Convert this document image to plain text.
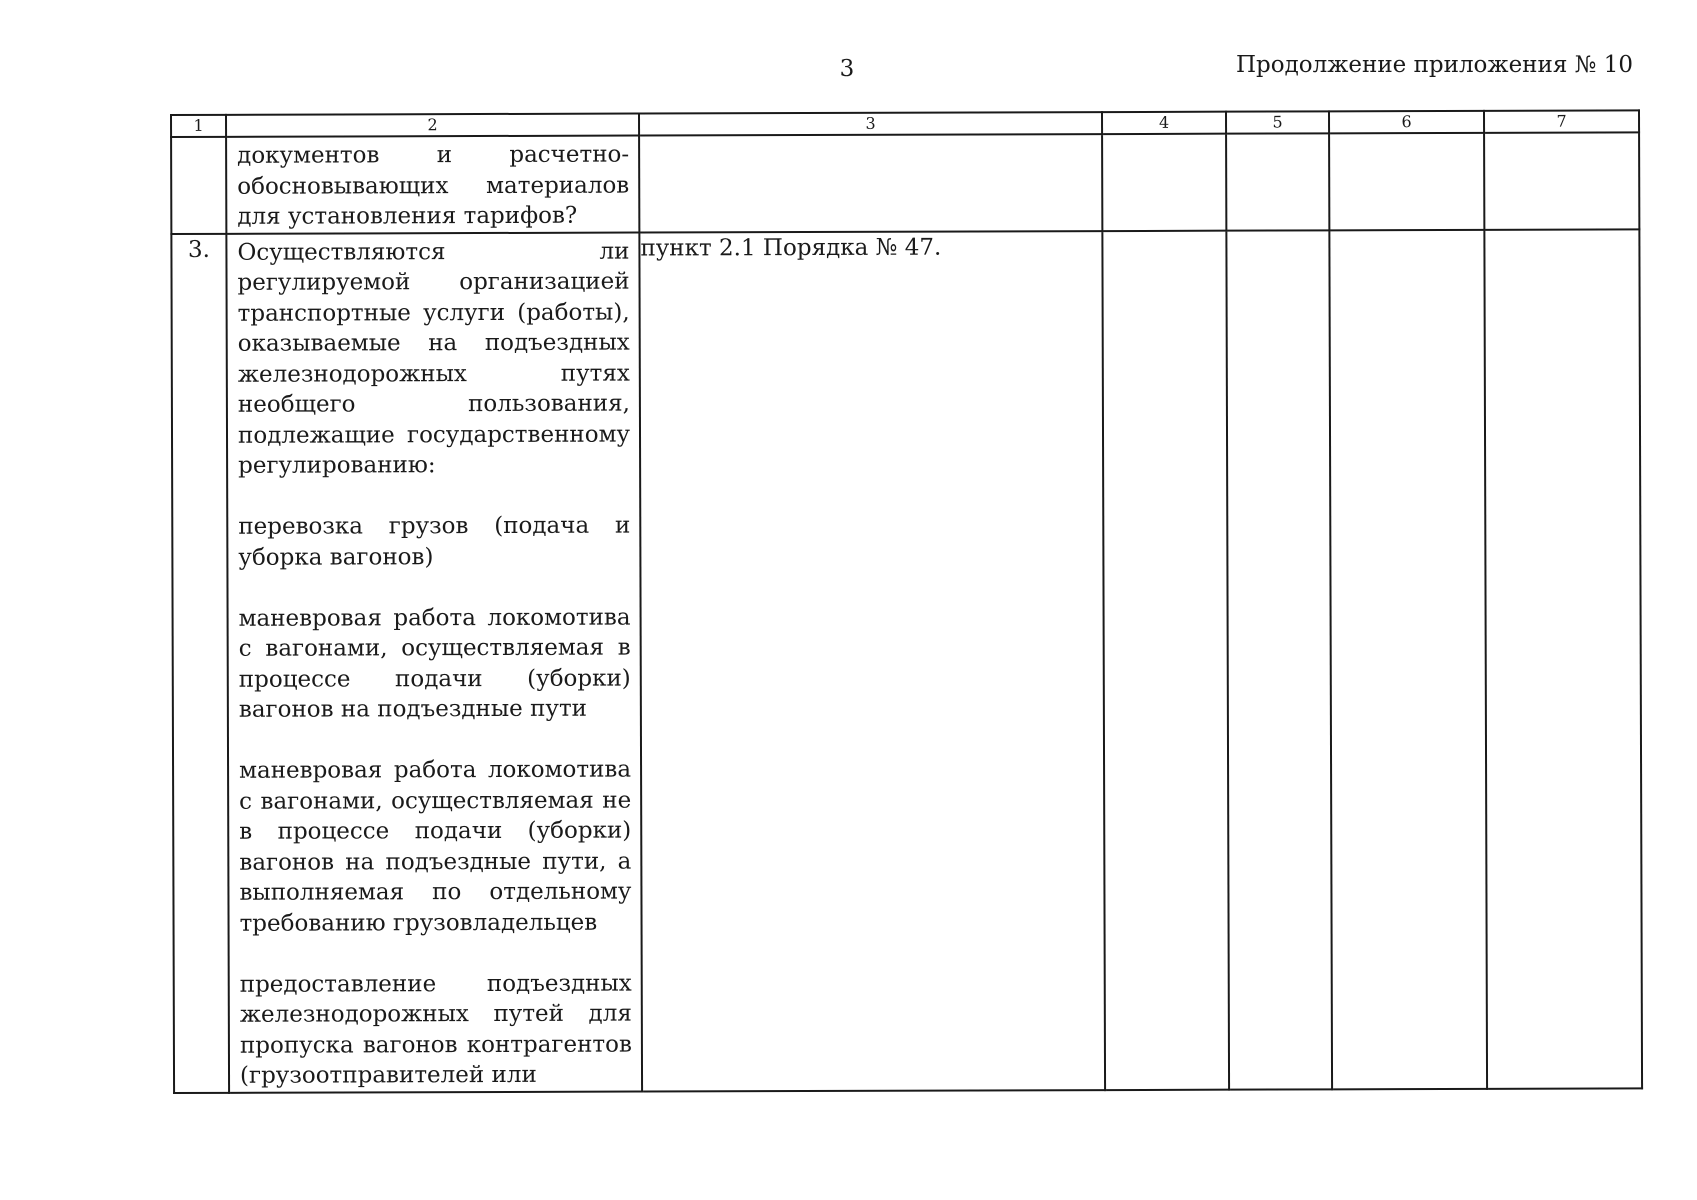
3	Продолжение приложения № 10
1	2	3	4	5	6	7

	документов и расчетно-обосновывающих материалов для установления тарифов?					

3.	Осуществляются ли регулируемой организацией транспортные услуги (работы), оказываемые на подъездных железнодорожных путях необщего пользования, подлежащие государственному регулированию:

перевозка грузов (подача и уборка вагонов)

маневровая работа локомотива с вагонами, осуществляемая в процессе подачи (уборки) вагонов на подъездные пути

маневровая работа локомотива с вагонами, осуществляемая не в процессе подачи (уборки) вагонов на подъездные пути, а выполняемая по отдельному требованию грузовладельцев

предоставление подъездных железнодорожных путей для пропуска вагонов контрагентов (грузоотправителей или	пункт 2.1 Порядка № 47.				
